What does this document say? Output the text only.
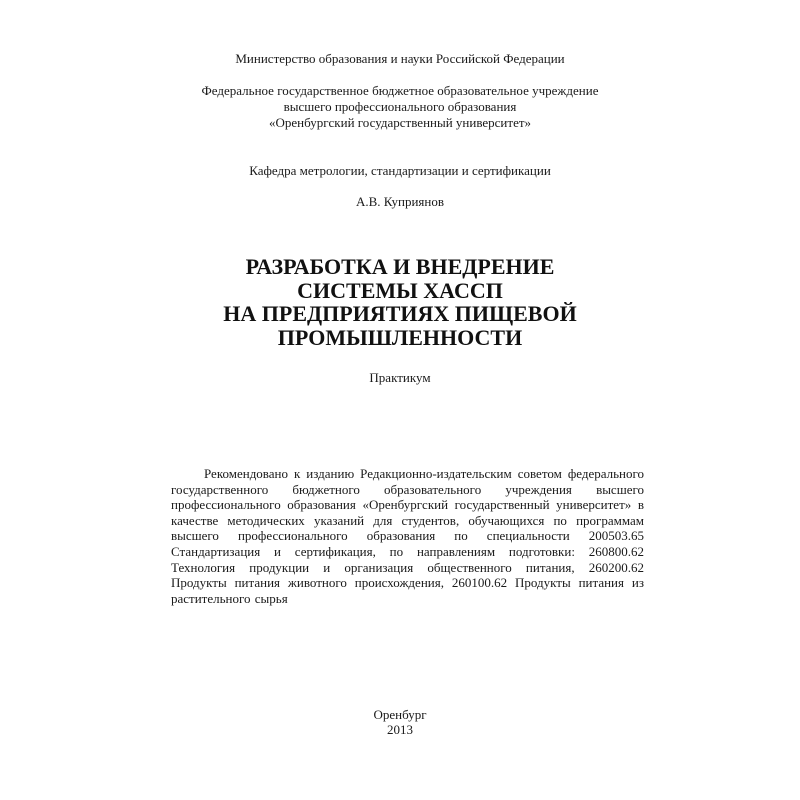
Министерство образования и науки Российской Федерации
Федеральное государственное бюджетное образовательное учреждение
высшего профессионального образования
«Оренбургский государственный университет»
Кафедра метрологии, стандартизации и сертификации
А.В. Куприянов
РАЗРАБОТКА И ВНЕДРЕНИЕ
СИСТЕМЫ ХАССП
НА ПРЕДПРИЯТИЯХ ПИЩЕВОЙ
ПРОМЫШЛЕННОСТИ
Практикум
Рекомендовано к изданию Редакционно-издательским советом федерального государственного бюджетного образовательного учреждения высшего профессионального образования «Оренбургский государственный университет» в качестве методических указаний для студентов, обучающихся по программам высшего профессионального образования по специальности 200503.65 Стандартизация и сертификация, по направлениям подготовки: 260800.62 Технология продукции и организация общественного питания, 260200.62 Продукты питания животного происхождения, 260100.62 Продукты питания из растительного сырья
Оренбург
2013
